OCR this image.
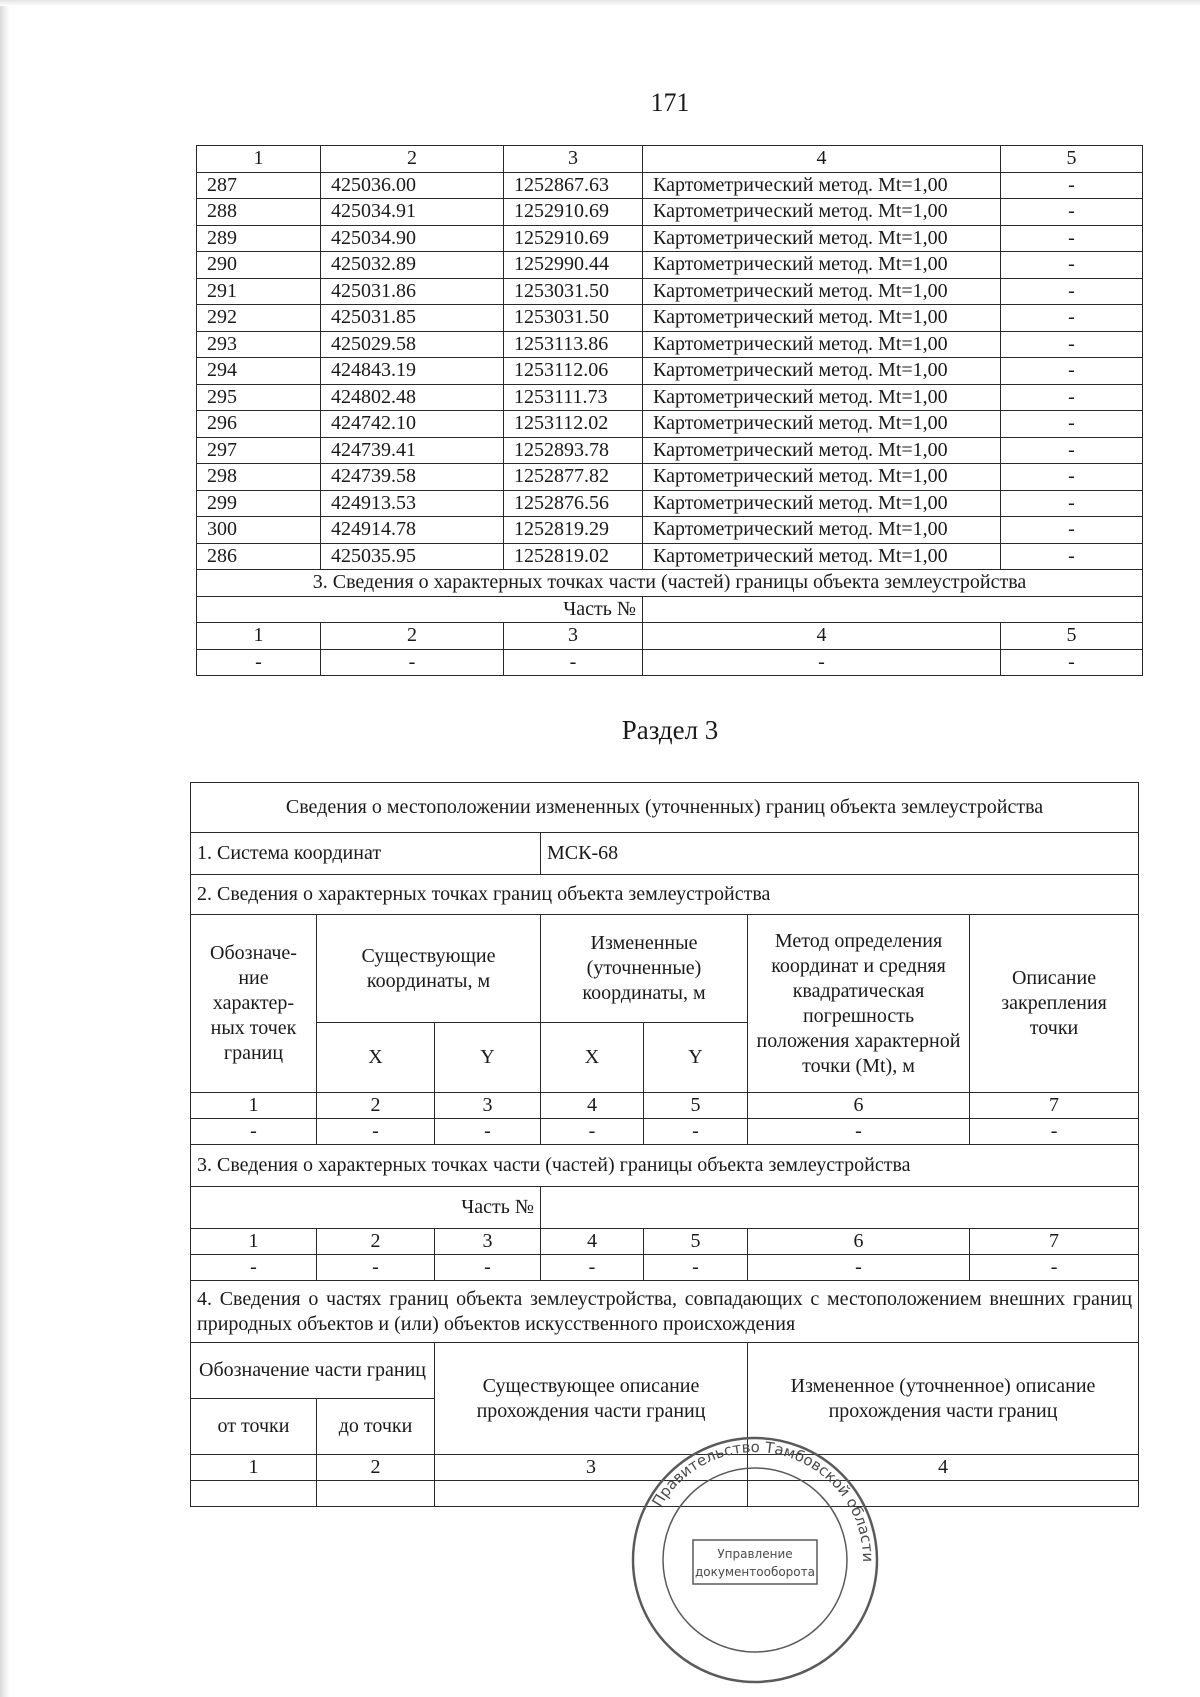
171
1	2	3	4	5
287	425036.00	1252867.63	Картометрический метод. Mt=1,00	-
288	425034.91	1252910.69	Картометрический метод. Mt=1,00	-
289	425034.90	1252910.69	Картометрический метод. Mt=1,00	-
290	425032.89	1252990.44	Картометрический метод. Mt=1,00	-
291	425031.86	1253031.50	Картометрический метод. Mt=1,00	-
292	425031.85	1253031.50	Картометрический метод. Mt=1,00	-
293	425029.58	1253113.86	Картометрический метод. Mt=1,00	-
294	424843.19	1253112.06	Картометрический метод. Mt=1,00	-
295	424802.48	1253111.73	Картометрический метод. Mt=1,00	-
296	424742.10	1253112.02	Картометрический метод. Mt=1,00	-
297	424739.41	1252893.78	Картометрический метод. Mt=1,00	-
298	424739.58	1252877.82	Картометрический метод. Mt=1,00	-
299	424913.53	1252876.56	Картометрический метод. Mt=1,00	-
300	424914.78	1252819.29	Картометрический метод. Mt=1,00	-
286	425035.95	1252819.02	Картометрический метод. Mt=1,00	-
3. Сведения о характерных точках части (частей) границы объекта землеустройства				
Часть №				
1	2	3	4	5
-	-	-	-	-
Раздел 3
Сведения о местоположении измененных (уточненных) границ объекта землеустройства						
1. Система координат			МСК-68			
2. Сведения о характерных точках границ объекта землеустройства						
Обозначе-ние характер-ных точек границ	Существующие координаты, м		Измененные (уточненные) координаты, м		Метод определения координат и средняя квадратическая погрешность положения характерной точки (Mt), м	Описание закрепления точки
	X	Y	X	Y		
1	2	3	4	5	6	7
-	-	-	-	-	-	-
3. Сведения о характерных точках части (частей) границы объекта землеустройства						
Часть №						
1	2	3	4	5	6	7
-	-	-	-	-	-	-
4. Сведения о частях границ объекта землеустройства, совпадающих с местоположением внешних границ природных объектов и (или) объектов искусственного происхождения						
Обозначение части границ		Существующее описание прохождения части границ			Измененное (уточненное) описание прохождения части границ	
от точки	до точки					
1	2	3			4	

Правительство Тамбовской области
Управление
документооборота
